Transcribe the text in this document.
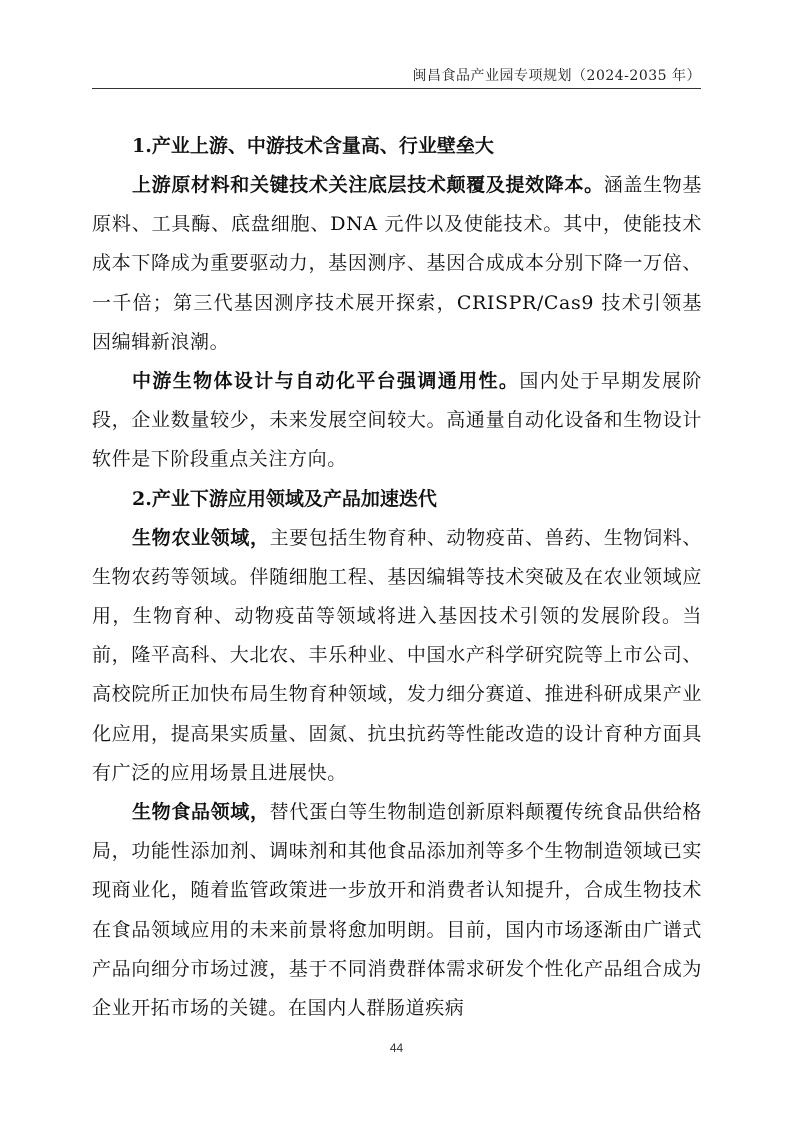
闽昌食品产业园专项规划（2024-2035 年）
1.产业上游、中游技术含量高、行业壁垒大

上游原材料和关键技术关注底层技术颠覆及提效降本。涵盖生物基原料、工具酶、底盘细胞、DNA 元件以及使能技术。其中，使能技术成本下降成为重要驱动力，基因测序、基因合成成本分别下降一万倍、一千倍；第三代基因测序技术展开探索，CRISPR/Cas9 技术引领基因编辑新浪潮。

中游生物体设计与自动化平台强调通用性。国内处于早期发展阶段，企业数量较少，未来发展空间较大。高通量自动化设备和生物设计软件是下阶段重点关注方向。

2.产业下游应用领域及产品加速迭代

生物农业领域，主要包括生物育种、动物疫苗、兽药、生物饲料、生物农药等领域。伴随细胞工程、基因编辑等技术突破及在农业领域应用，生物育种、动物疫苗等领域将进入基因技术引领的发展阶段。当前，隆平高科、大北农、丰乐种业、中国水产科学研究院等上市公司、高校院所正加快布局生物育种领域，发力细分赛道、推进科研成果产业化应用，提高果实质量、固氮、抗虫抗药等性能改造的设计育种方面具有广泛的应用场景且进展快。

生物食品领域，替代蛋白等生物制造创新原料颠覆传统食品供给格局，功能性添加剂、调味剂和其他食品添加剂等多个生物制造领域已实现商业化，随着监管政策进一步放开和消费者认知提升，合成生物技术在食品领域应用的未来前景将愈加明朗。目前，国内市场逐渐由广谱式产品向细分市场过渡，基于不同消费群体需求研发个性化产品组合成为企业开拓市场的关键。在国内人群肠道疾病

44
